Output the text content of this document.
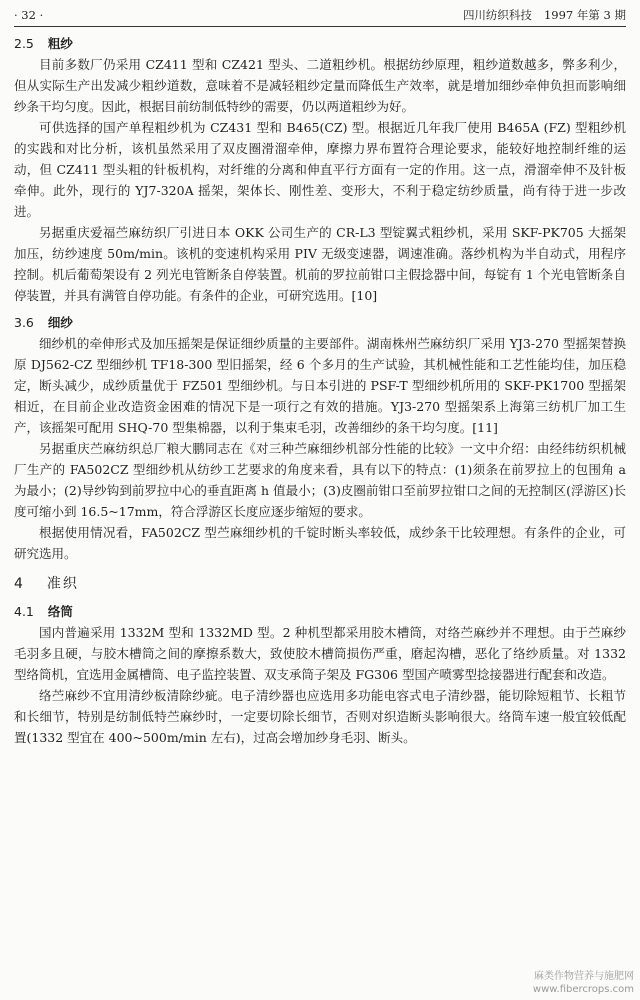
· 32 ·	四川纺织科技 1997 年第 3 期
2.5 粗纱

目前多数厂仍采用 CZ411 型和 CZ421 型头、二道粗纱机。根据纺纱原理，粗纱道数越多，弊多利少，但从实际生产出发减少粗纱道数，意味着不是减轻粗纱定量而降低生产效率，就是增加细纱牵伸负担而影响细纱条干均匀度。因此，根据目前纺制低特纱的需要，仍以两道粗纱为好。

可供选择的国产单程粗纱机为 CZ431 型和 B465(CZ) 型。根据近几年我厂使用 B465A (FZ) 型粗纱机的实践和对比分析，该机虽然采用了双皮圈滑溜牵伸，摩擦力界布置符合理论要求，能较好地控制纤维的运动，但 CZ411 型头粗的针板机构，对纤维的分离和伸直平行方面有一定的作用。这一点，滑溜牵伸不及针板牵伸。此外，现行的 YJ7-320A 摇架，架体长、刚性差、变形大，不利于稳定纺纱质量，尚有待于进一步改进。

另据重庆爱福苎麻纺织厂引进日本 OKK 公司生产的 CR-L3 型锭翼式粗纱机，采用 SKF-PK705 大摇架加压，纺纱速度 50m/min。该机的变速机构采用 PIV 无级变速器，调速准确。落纱机构为半自动式，用程序控制。机后葡萄架设有 2 列光电管断条自停装置。机前的罗拉前钳口主假捻器中间，每锭有 1 个光电管断条自停装置，并具有满管自停功能。有条件的企业，可研究选用。[10]

3.6 细纱

细纱机的牵伸形式及加压摇架是保证细纱质量的主要部件。湖南株州苎麻纺织厂采用 YJ3-270 型摇架替换原 DJ562-CZ 型细纱机 TF18-300 型旧摇架，经 6 个多月的生产试验，其机械性能和工艺性能均佳，加压稳定，断头减少，成纱质量优于 FZ501 型细纱机。与日本引进的 PSF-T 型细纱机所用的 SKF-PK1700 型摇架相近，在目前企业改造资金困难的情况下是一项行之有效的措施。YJ3-270 型摇架系上海第三纺机厂加工生产，该摇架可配用 SHQ-70 型集棉器，以利于集束毛羽，改善细纱的条干均匀度。[11]

另据重庆苎麻纺织总厂粮大鹏同志在《对三种苎麻细纱机部分性能的比较》一文中介绍：由经纬纺织机械厂生产的 FA502CZ 型细纱机从纺纱工艺要求的角度来看，具有以下的特点：(1)须条在前罗拉上的包围角 a 为最小；(2)导纱钩到前罗拉中心的垂直距离 h 值最小；(3)皮圈前钳口至前罗拉钳口之间的无控制区(浮游区)长度可缩小到 16.5~17mm，符合浮游区长度应逐步缩短的要求。

根据使用情况看，FA502CZ 型苎麻细纱机的千锭时断头率较低，成纱条干比较理想。有条件的企业，可研究选用。

4 准织
4.1 络筒

国内普遍采用 1332M 型和 1332MD 型。2 种机型都采用胶木槽筒，对络苎麻纱并不理想。由于苎麻纱毛羽多且硬，与胶木槽筒之间的摩擦系数大，致使胶木槽筒损伤严重，磨起沟槽，恶化了络纱质量。对 1332 型络筒机，宜选用金属槽筒、电子监控装置、双支承筒子架及 FG306 型国产喷雾型捻接器进行配套和改造。

络苎麻纱不宜用清纱板清除纱疵。电子清纱器也应选用多功能电容式电子清纱器，能切除短粗节、长粗节和长细节，特别是纺制低特苎麻纱时，一定要切除长细节，否则对织造断头影响很大。络筒车速一般宜较低配置(1332 型宜在 400~500m/min 左右)，过高会增加纱身毛羽、断头。

麻类作物营养与施肥网
www.fibercrops.com
